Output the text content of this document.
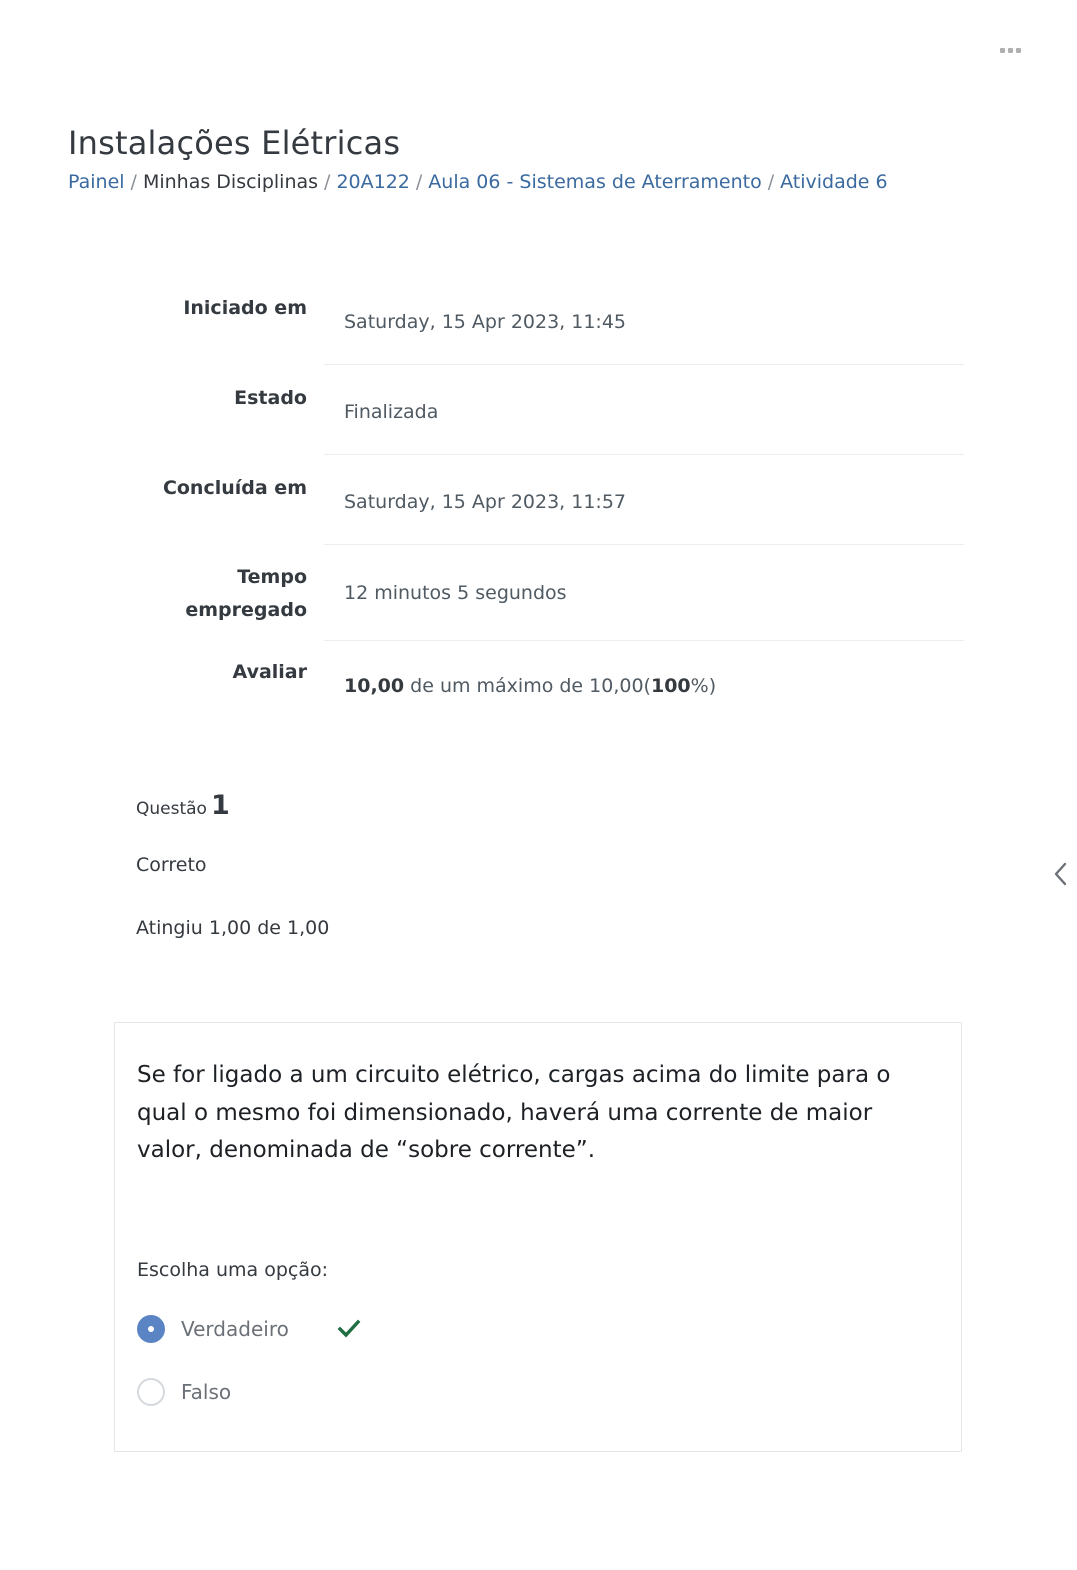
Instalações Elétricas
Painel / Minhas Disciplinas / 20A122 / Aula 06 - Sistemas de Aterramento / Atividade 6
Iniciado em
Saturday, 15 Apr 2023, 11:45
Estado
Finalizada
Concluída em
Saturday, 15 Apr 2023, 11:57
Tempo
empregado
12 minutos 5 segundos
Avaliar
10,00 de um máximo de 10,00(100%)
Questão 1
Correto
Atingiu 1,00 de 1,00

Se for ligado a um circuito elétrico, cargas acima do limite para o qual o mesmo foi dimensionado, haverá uma corrente de maior valor, denominada de “sobre corrente”.

Escolha uma opção:
Verdadeiro
Falso
